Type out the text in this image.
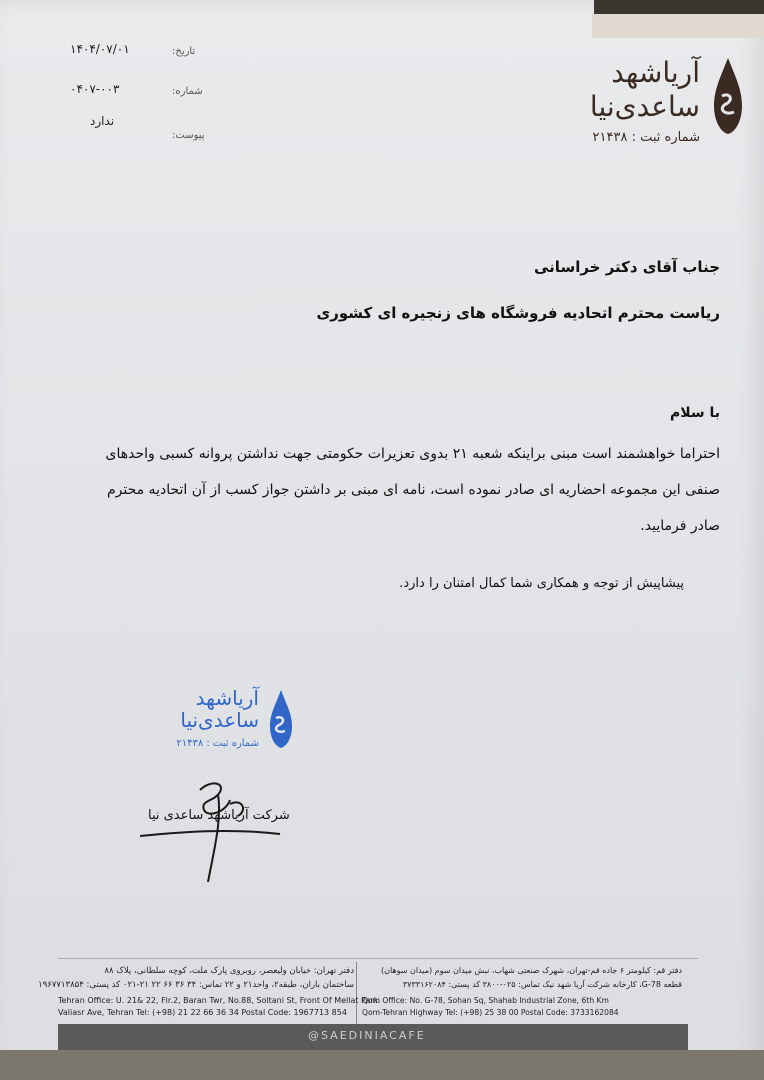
آریاشهد
ساعدی‌نیا
شماره ثبت : ۲۱۴۳۸
تاریخ:
۱۴۰۴/۰۷/۰۱
شماره:
۰۴۰۷-۰۰۳
پیوست:
ندارد
جناب آقای دکتر خراسانی
ریاست محترم اتحادیه فروشگاه های زنجیره ای کشوری
با سلام
احتراما خواهشمند است مبنی براینکه شعبه ۲۱ بدوی تعزیرات حکومتی جهت نداشتن پروانه کسبی واحدهای صنفی این مجموعه احضاریه ای صادر نموده است، نامه ای مبنی بر داشتن جواز کسب از آن اتحادیه محترم صادر فرمایید.
پیشاپیش از توجه و همکاری شما کمال امتنان را دارد.
آریاشهد
ساعدی‌نیا
شماره ثبت : ۲۱۴۳۸
شرکت آریاشهد ساعدی نیا
دفتر تهران: خیابان ولیعصر، روبروی پارک ملت، کوچه سلطانی، پلاک ۸۸
ساختمان باران، طبقه۲، واحد۲۱ و ۲۲ تماس: ۳۴ ۳۶ ۶۶ ۲۲ ۲۱-۰۲۱ کد پستی: ۱۹۶۷۷۱۳۸۵۴
Tehran Office: U. 21& 22, Flr.2, Baran Twr, No.88, Soltani St, Front Of Mellat Park
Valiasr Ave, Tehran Tel: (+98) 21 22 66 36 34 Postal Code: 1967713 854
دفتر قم: کیلومتر ۶ جاده قم-تهران، شهرک صنعتی شهاب، نبش میدان سوم (میدان سوهان)
قطعه G-78، کارخانه شرکت آریا شهد نیک تماس: ۰۲۵-۳۸۰۰ کد پستی: ۳۷۳۳۱۶۲۰۸۴
Qom Office: No. G-78, Sohan Sq, Shahab Industrial Zone, 6th Km
Qom-Tehran Highway Tel: (+98) 25 38 00 Postal Code: 3733162084
@SAEDINIACAFE
